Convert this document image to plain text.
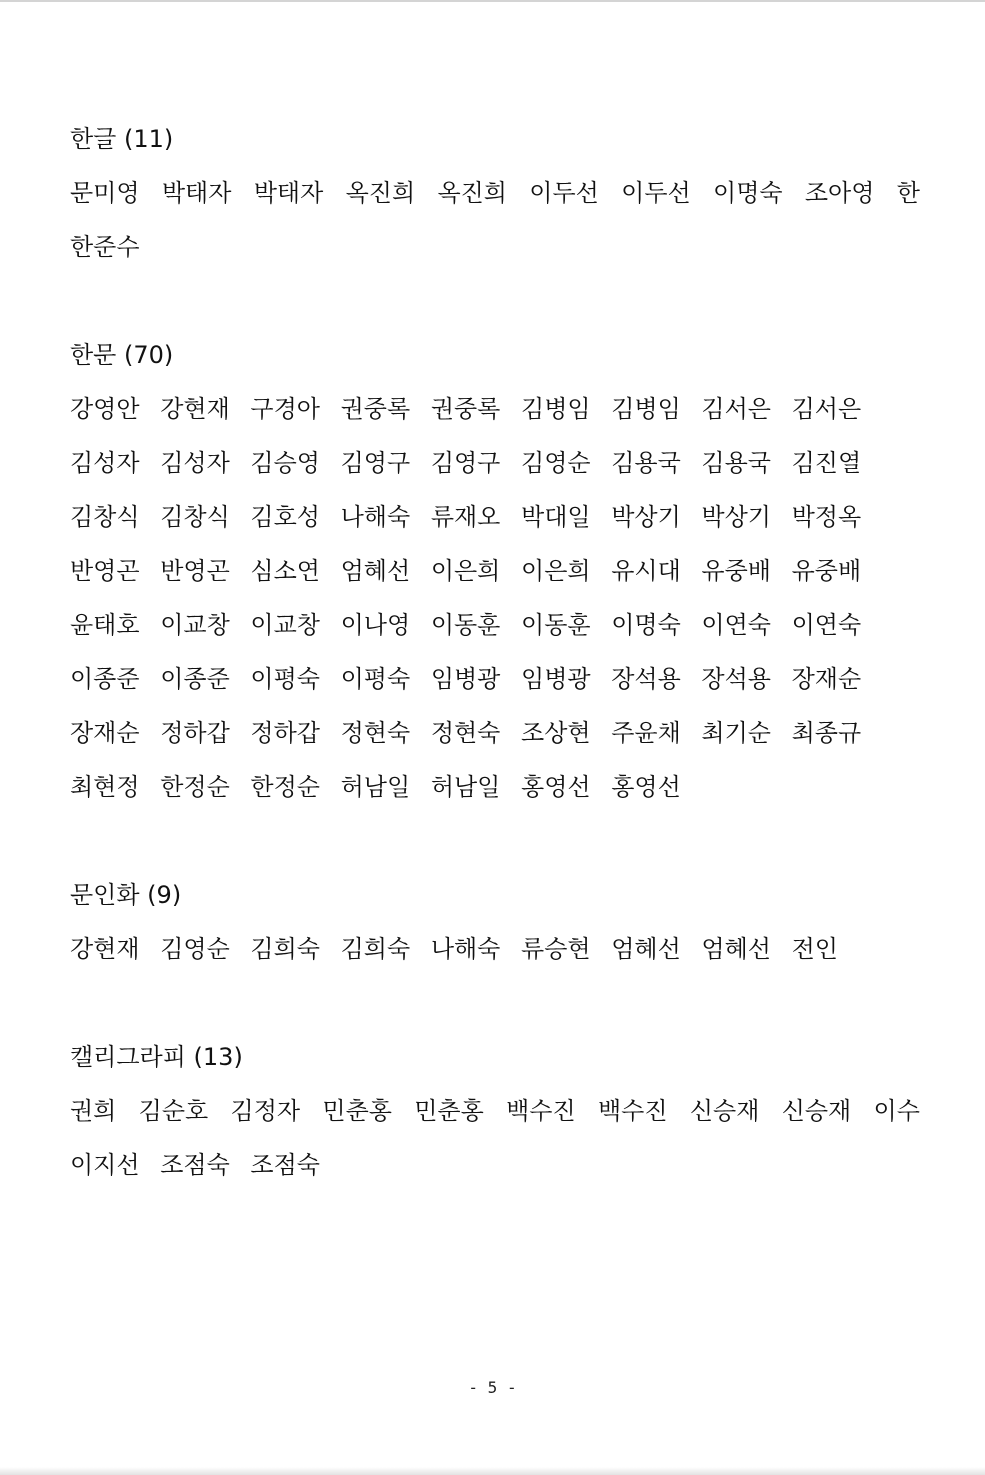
한글 (11)
문미영 박태자 박태자 옥진희 옥진희 이두선 이두선 이명숙 조아영 한
한준수
한문 (70)
강영안 강현재 구경아 권중록 권중록 김병임 김병임 김서은 김서은
김성자 김성자 김승영 김영구 김영구 김영순 김용국 김용국 김진열
김창식 김창식 김호성 나해숙 류재오 박대일 박상기 박상기 박정옥
반영곤 반영곤 심소연 엄혜선 이은희 이은희 유시대 유중배 유중배
윤태호 이교창 이교창 이나영 이동훈 이동훈 이명숙 이연숙 이연숙
이종준 이종준 이평숙 이평숙 임병광 임병광 장석용 장석용 장재순
장재순 정하갑 정하갑 정현숙 정현숙 조상현 주윤채 최기순 최종규
최현정 한정순 한정순 허남일 허남일 홍영선 홍영선
문인화 (9)
강현재 김영순 김희숙 김희숙 나해숙 류승현 엄혜선 엄혜선 전인
캘리그라피 (13)
권희 김순호 김정자 민춘홍 민춘홍 백수진 백수진 신승재 신승재 이수
이지선 조점숙 조점숙
- 5 -
